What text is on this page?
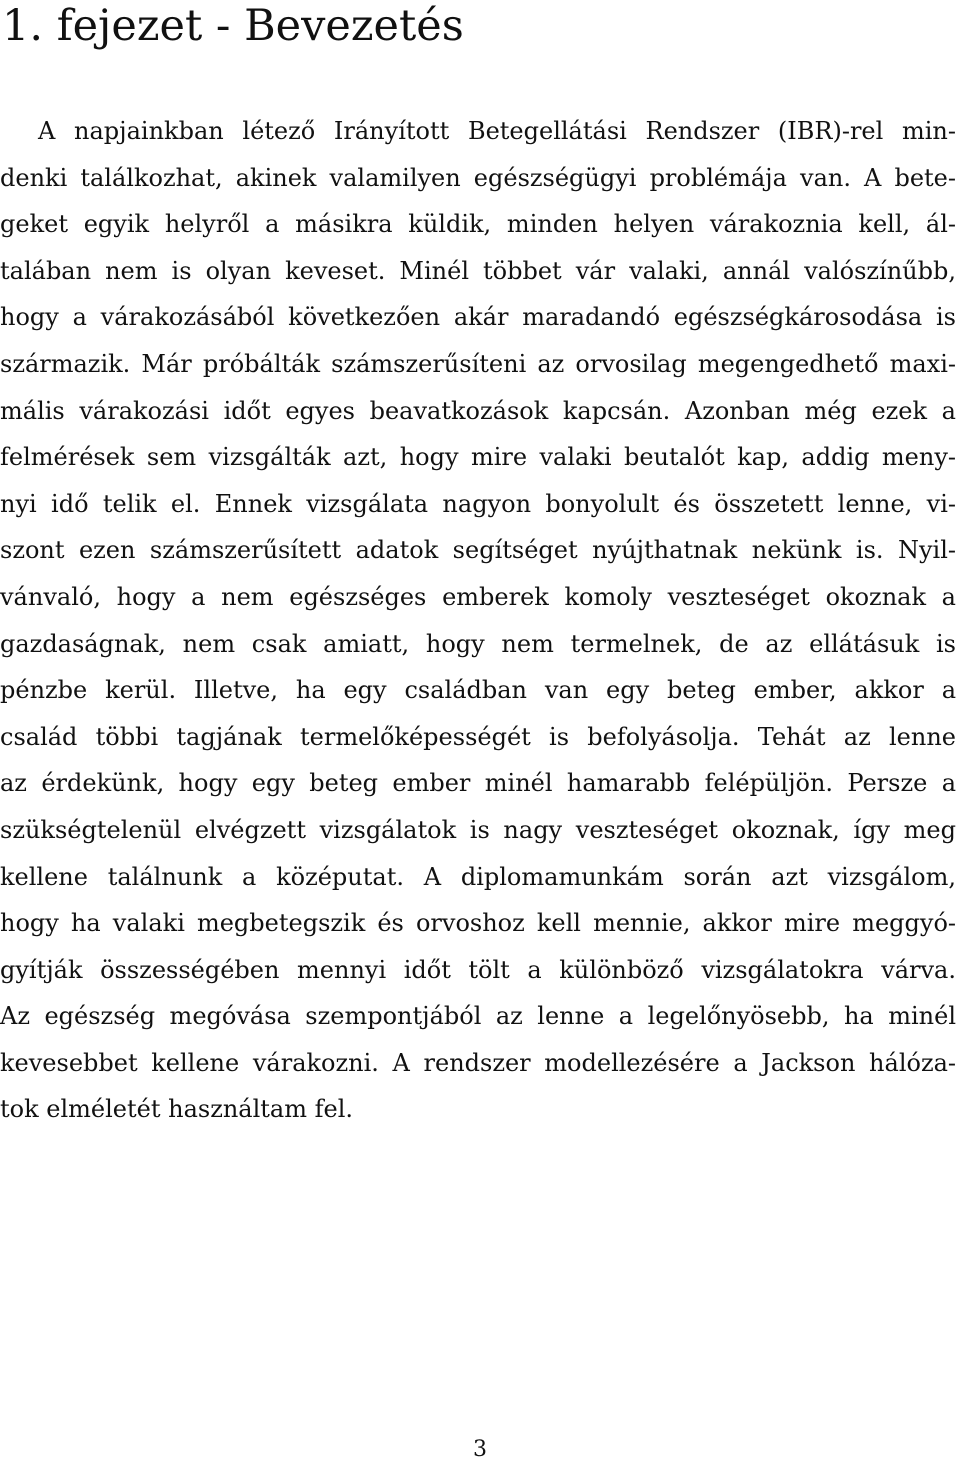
1. fejezet - Bevezetés
A napjainkban létező Irányított Betegellátási Rendszer (IBR)-rel min-
denki találkozhat, akinek valamilyen egészségügyi problémája van. A bete-
geket egyik helyről a másikra küldik, minden helyen várakoznia kell, ál-
talában nem is olyan keveset. Minél többet vár valaki, annál valószínűbb,
hogy a várakozásából következően akár maradandó egészségkárosodása is
származik. Már próbálták számszerűsíteni az orvosilag megengedhető maxi-
mális várakozási időt egyes beavatkozások kapcsán. Azonban még ezek a
felmérések sem vizsgálták azt, hogy mire valaki beutalót kap, addig meny-
nyi idő telik el. Ennek vizsgálata nagyon bonyolult és összetett lenne, vi-
szont ezen számszerűsített adatok segítséget nyújthatnak nekünk is. Nyil-
vánvaló, hogy a nem egészséges emberek komoly veszteséget okoznak a
gazdaságnak, nem csak amiatt, hogy nem termelnek, de az ellátásuk is
pénzbe kerül. Illetve, ha egy családban van egy beteg ember, akkor a
család többi tagjának termelőképességét is befolyásolja. Tehát az lenne
az érdekünk, hogy egy beteg ember minél hamarabb felépüljön. Persze a
szükségtelenül elvégzett vizsgálatok is nagy veszteséget okoznak, így meg
kellene találnunk a középutat. A diplomamunkám során azt vizsgálom,
hogy ha valaki megbetegszik és orvoshoz kell mennie, akkor mire meggyó-
gyítják összességében mennyi időt tölt a különböző vizsgálatokra várva.
Az egészség megóvása szempontjából az lenne a legelőnyösebb, ha minél
kevesebbet kellene várakozni. A rendszer modellezésére a Jackson hálóza-
tok elméletét használtam fel.
3
